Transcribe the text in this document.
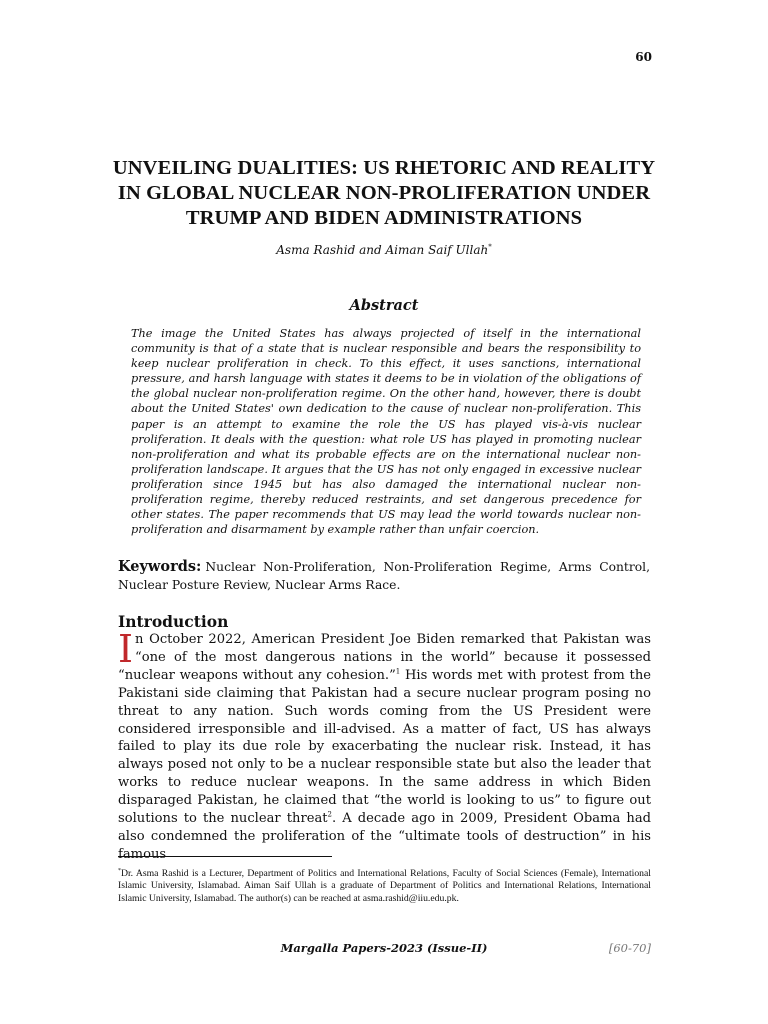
60
UNVEILING DUALITIES: US RHETORIC AND REALITY IN GLOBAL NUCLEAR NON-PROLIFERATION UNDER TRUMP AND BIDEN ADMINISTRATIONS
Asma Rashid and Aiman Saif Ullah*
Abstract
The image the United States has always projected of itself in the international community is that of a state that is nuclear responsible and bears the responsibility to keep nuclear proliferation in check. To this effect, it uses sanctions, international pressure, and harsh language with states it deems to be in violation of the obligations of the global nuclear non-proliferation regime. On the other hand, however, there is doubt about the United States' own dedication to the cause of nuclear non-proliferation. This paper is an attempt to examine the role the US has played vis-à-vis nuclear proliferation. It deals with the question: what role US has played in promoting nuclear non-proliferation and what its probable effects are on the international nuclear non-proliferation landscape. It argues that the US has not only engaged in excessive nuclear proliferation since 1945 but has also damaged the international nuclear non-proliferation regime, thereby reduced restraints, and set dangerous precedence for other states. The paper recommends that US may lead the world towards nuclear non-proliferation and disarmament by example rather than unfair coercion.
Keywords: Nuclear Non-Proliferation, Non-Proliferation Regime, Arms Control, Nuclear Posture Review, Nuclear Arms Race.
Introduction
In October 2022, American President Joe Biden remarked that Pakistan was “one of the most dangerous nations in the world” because it possessed “nuclear weapons without any cohesion.”$^1$ His words met with protest from the Pakistani side claiming that Pakistan had a secure nuclear program posing no threat to any nation. Such words coming from the US President were considered irresponsible and ill-advised. As a matter of fact, US has always failed to play its due role by exacerbating the nuclear risk. Instead, it has always posed not only to be a nuclear responsible state but also the leader that works to reduce nuclear weapons. In the same address in which Biden disparaged Pakistan, he claimed that “the world is looking to us” to figure out solutions to the nuclear threat$^2$. A decade ago in 2009, President Obama had also condemned the proliferation of the “ultimate tools of destruction” in his famous
*Dr. Asma Rashid is a Lecturer, Department of Politics and International Relations, Faculty of Social Sciences (Female), International Islamic University, Islamabad. Aiman Saif Ullah is a graduate of Department of Politics and International Relations, International Islamic University, Islamabad. The author(s) can be reached at asma.rashid@iiu.edu.pk.
Margalla Papers-2023 (Issue-II)	[60-70]
